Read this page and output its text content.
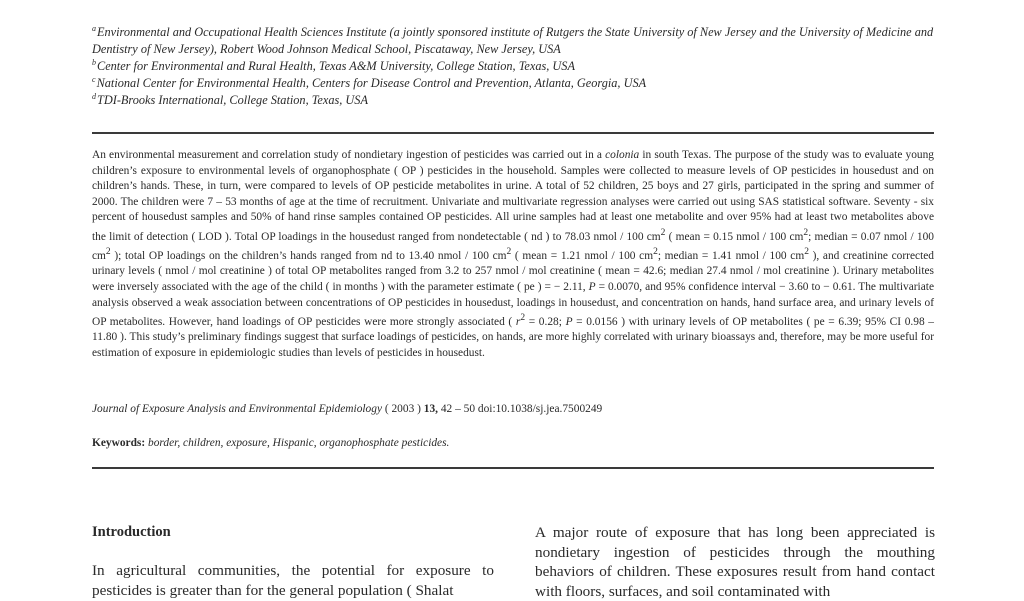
$^a$Environmental and Occupational Health Sciences Institute (a jointly sponsored institute of Rutgers the State University of New Jersey and the University of Medicine and Dentistry of New Jersey), Robert Wood Johnson Medical School, Piscataway, New Jersey, USA
$^b$Center for Environmental and Rural Health, Texas A&M University, College Station, Texas, USA
$^c$National Center for Environmental Health, Centers for Disease Control and Prevention, Atlanta, Georgia, USA
$^d$TDI-Brooks International, College Station, Texas, USA

An environmental measurement and correlation study of nondietary ingestion of pesticides was carried out in a colonia in south Texas. The purpose of the study was to evaluate young children’s exposure to environmental levels of organophosphate ( OP ) pesticides in the household. Samples were collected to measure levels of OP pesticides in housedust and on children’s hands. These, in turn, were compared to levels of OP pesticide metabolites in urine. A total of 52 children, 25 boys and 27 girls, participated in the spring and summer of 2000. The children were 7 – 53 months of age at the time of recruitment. Univariate and multivariate regression analyses were carried out using SAS statistical software. Seventy - six percent of housedust samples and 50% of hand rinse samples contained OP pesticides. All urine samples had at least one metabolite and over 95% had at least two metabolites above the limit of detection ( LOD ). Total OP loadings in the housedust ranged from nondetectable ( nd ) to 78.03 nmol / 100 $cm^2$ ( mean = 0.15 nmol / 100 $cm^2$; median = 0.07 nmol / 100 $cm^2$ ); total OP loadings on the children’s hands ranged from nd to 13.40 nmol / 100 $cm^2$ ( mean = 1.21 nmol / 100 $cm^2$; median = 1.41 nmol / 100 $cm^2$ ), and creatinine corrected urinary levels ( nmol / mol creatinine ) of total OP metabolites ranged from 3.2 to 257 nmol / mol creatinine ( mean = 42.6; median 27.4 nmol / mol creatinine ). Urinary metabolites were inversely associated with the age of the child ( in months ) with the parameter estimate ( pe ) = − 2.11, P = 0.0070, and 95% confidence interval − 3.60 to − 0.61. The multivariate analysis observed a weak association between concentrations of OP pesticides in housedust, loadings in housedust, and concentration on hands, hand surface area, and urinary levels of OP metabolites. However, hand loadings of OP pesticides were more strongly associated ( $r^2 = 0.28$; P = 0.0156 ) with urinary levels of OP metabolites ( pe = 6.39; 95% CI 0.98 – 11.80 ). This study’s preliminary findings suggest that surface loadings of pesticides, on hands, are more highly correlated with urinary bioassays and, therefore, may be more useful for estimation of exposure in epidemiologic studies than levels of pesticides in housedust.

Journal of Exposure Analysis and Environmental Epidemiology ( 2003 ) 13, 42 – 50 doi:10.1038/sj.jea.7500249
Keywords: border, children, exposure, Hispanic, organophosphate pesticides.
Introduction

In agricultural communities, the potential for exposure to pesticides is greater than for the general population ( Shalat

A major route of exposure that has long been appreciated is nondietary ingestion of pesticides through the mouthing behaviors of children. These exposures result from hand contact with floors, surfaces, and soil contaminated with
